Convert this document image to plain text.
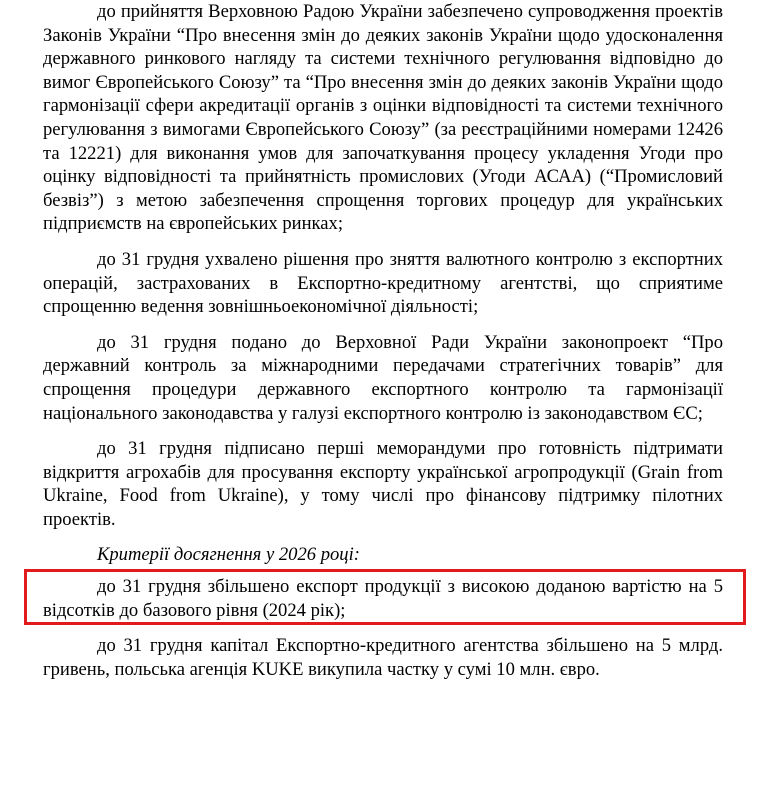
до прийняття Верховною Радою України забезпечено супроводження проектів Законів України “Про внесення змін до деяких законів України щодо удосконалення державного ринкового нагляду та системи технічного регулювання відповідно до вимог Європейського Союзу” та “Про внесення змін до деяких законів України щодо гармонізації сфери акредитації органів з оцінки відповідності та системи технічного регулювання з вимогами Європейського Союзу” (за реєстраційними номерами 12426 та 12221) для виконання умов для започаткування процесу укладення Угоди про оцінку відповідності та прийнятність промислових (Угоди АСАА) (“Промисловий безвіз”) з метою забезпечення спрощення торгових процедур для українських підприємств на європейських ринках;

до 31 грудня ухвалено рішення про зняття валютного контролю з експортних операцій, застрахованих в Експортно-кредитному агентстві, що сприятиме спрощенню ведення зовнішньоекономічної діяльності;

до 31 грудня подано до Верховної Ради України законопроект “Про державний контроль за міжнародними передачами стратегічних товарів” для спрощення процедури державного експортного контролю та гармонізації національного законодавства у галузі експортного контролю із законодавством ЄС;

до 31 грудня підписано перші меморандуми про готовність підтримати відкриття агрохабів для просування експорту української агропродукції (Grain from Ukraine, Food from Ukraine), у тому числі про фінансову підтримку пілотних проектів.

Критерії досягнення у 2026 році:

до 31 грудня збільшено експорт продукції з високою доданою вартістю на 5 відсотків до базового рівня (2024 рік);

до 31 грудня капітал Експортно-кредитного агентства збільшено на 5 млрд. гривень, польська агенція KUKE викупила частку у сумі 10 млн. євро.
